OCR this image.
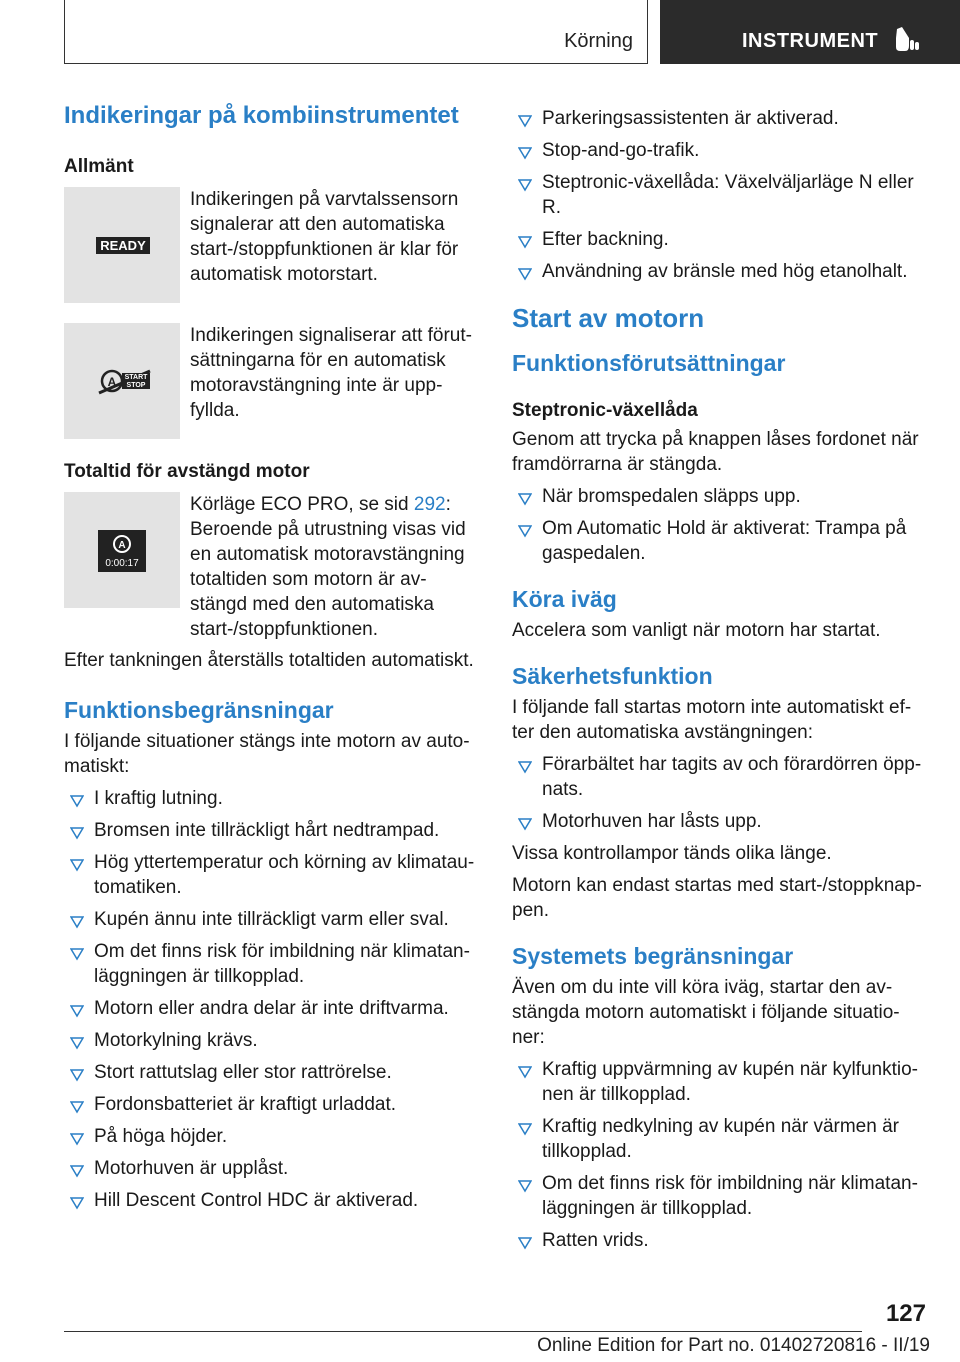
Körning	INSTRUMENT
Indikeringar på kombiinstrumentet
Allmänt
READY
Indikeringen på varvtalssensorn signalerar att den automatiska start-/stoppfunktionen är klar för automatisk motorstart.
A START
STOP
Indikeringen signaliserar att förutsättningarna för en automatisk motoravstängning inte är uppfyllda.
Totaltid för avstängd motor
A
0:00:17
Körläge ECO PRO, se sid 292: Beroende på utrustning visas vid en automatisk motoravstängning totaltiden som motorn är avstängd med den automatiska start-/stoppfunktionen.

Efter tankningen återställs totaltiden automatiskt.

Funktionsbegränsningar

I följande situationer stängs inte motorn av automatiskt:

I kraftig lutning.
Bromsen inte tillräckligt hårt nedtrampad.
Hög yttertemperatur och körning av klimatautomatiken.
Kupén ännu inte tillräckligt varm eller sval.
Om det finns risk för imbildning när klimatanläggningen är tillkopplad.
Motorn eller andra delar är inte driftvarma.
Motorkylning krävs.
Stort rattutslag eller stor rattrörelse.
Fordonsbatteriet är kraftigt urladdat.
På höga höjder.
Motorhuven är upplåst.
Hill Descent Control HDC är aktiverad.
Parkeringsassistenten är aktiverad.
Stop-and-go-trafik.
Steptronic-växellåda: Växelväljarläge N eller R.
Efter backning.
Användning av bränsle med hög etanolhalt.
Start av motorn
Funktionsförutsättningar
Steptronic-växellåda

Genom att trycka på knappen låses fordonet när framdörrarna är stängda.

När bromspedalen släpps upp.
Om Automatic Hold är aktiverat: Trampa på gaspedalen.
Köra iväg

Accelera som vanligt när motorn har startat.

Säkerhetsfunktion

I följande fall startas motorn inte automatiskt efter den automatiska avstängningen:

Förarbältet har tagits av och förardörren öppnats.
Motorhuven har låsts upp.

Vissa kontrollampor tänds olika länge.

Motorn kan endast startas med start-/stoppknappen.

Systemets begränsningar

Även om du inte vill köra iväg, startar den avstängda motorn automatiskt i följande situationer:

Kraftig uppvärmning av kupén när kylfunktionen är tillkopplad.
Kraftig nedkylning av kupén när värmen är tillkopplad.
Om det finns risk för imbildning när klimatanläggningen är tillkopplad.
Ratten vrids.
127
Online Edition for Part no. 01402720816 - II/19
